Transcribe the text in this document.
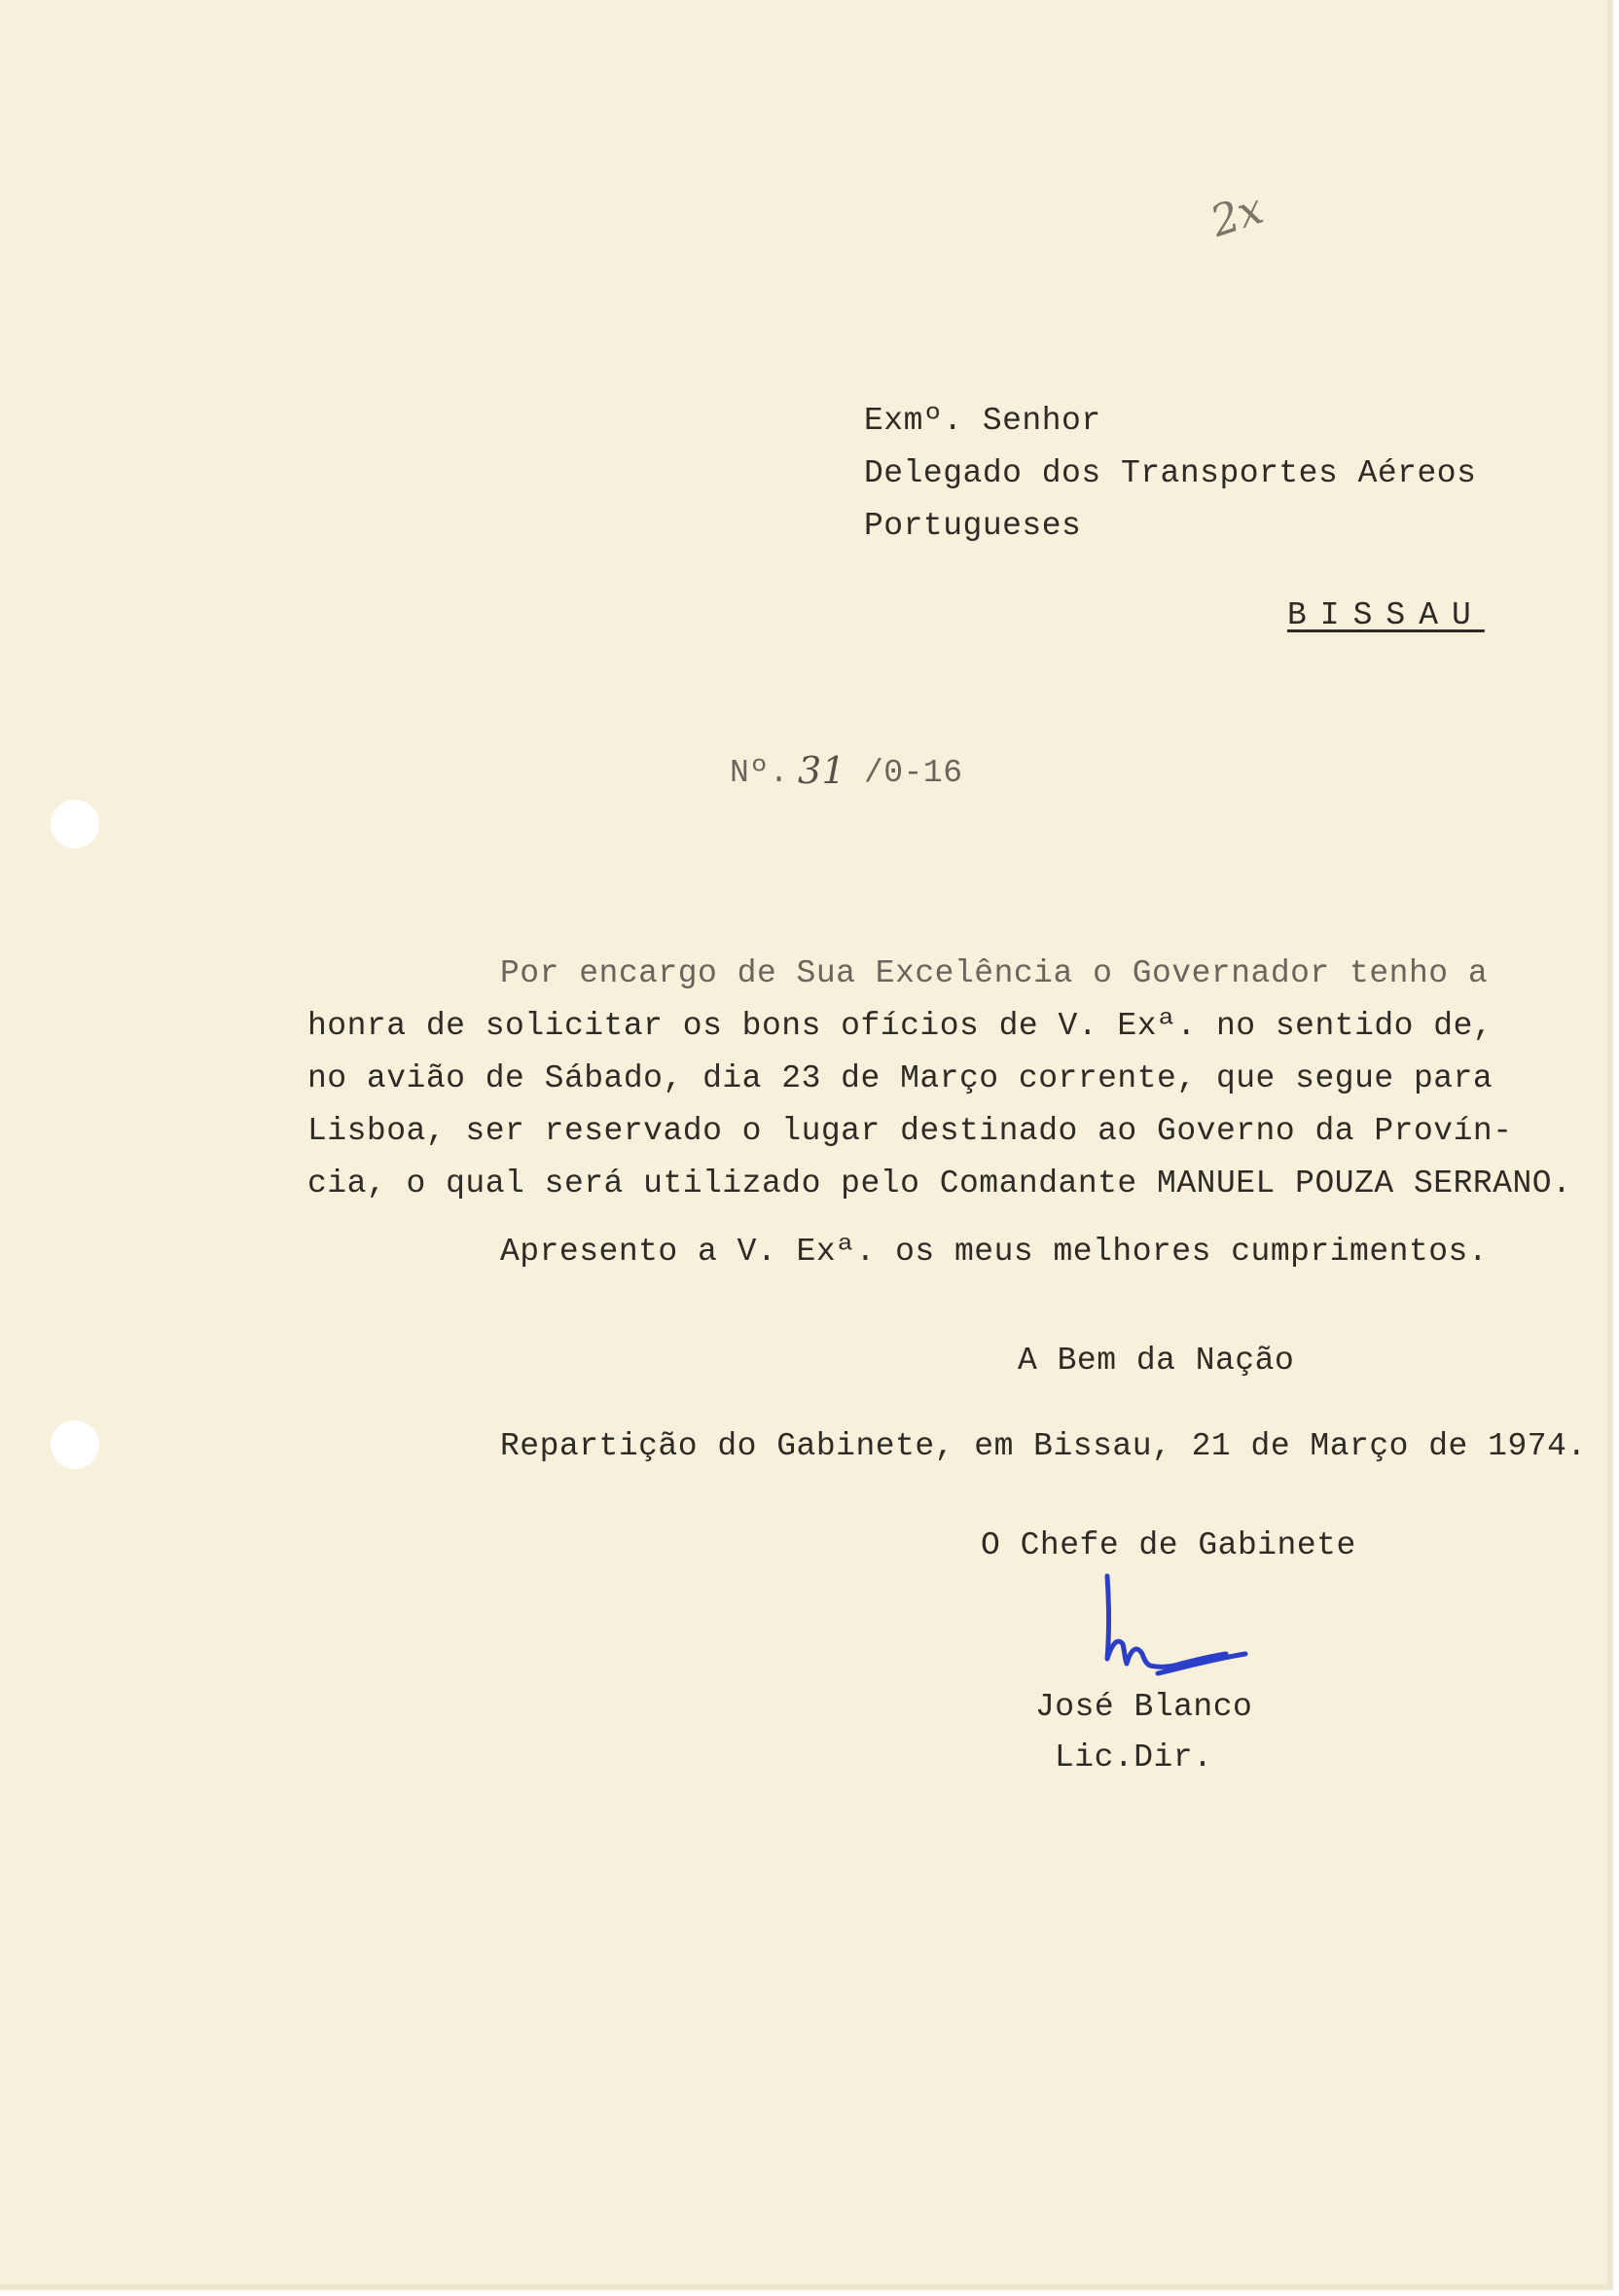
2x
Exmº. Senhor
Delegado dos Transportes Aéreos
Portugueses
BISSAU
Nº. 31 /0-16
Por encargo de Sua Excelência o Governador tenho a
honra de solicitar os bons ofícios de V. Exª. no sentido de,
no avião de Sábado, dia 23 de Março corrente, que segue para
Lisboa, ser reservado o lugar destinado ao Governo da Provín-
cia, o qual será utilizado pelo Comandante MANUEL POUZA SERRANO.
Apresento a V. Exª. os meus melhores cumprimentos.
A Bem da Nação
Repartição do Gabinete, em Bissau, 21 de Março de 1974.
O Chefe de Gabinete
José Blanco
Lic.Dir.
